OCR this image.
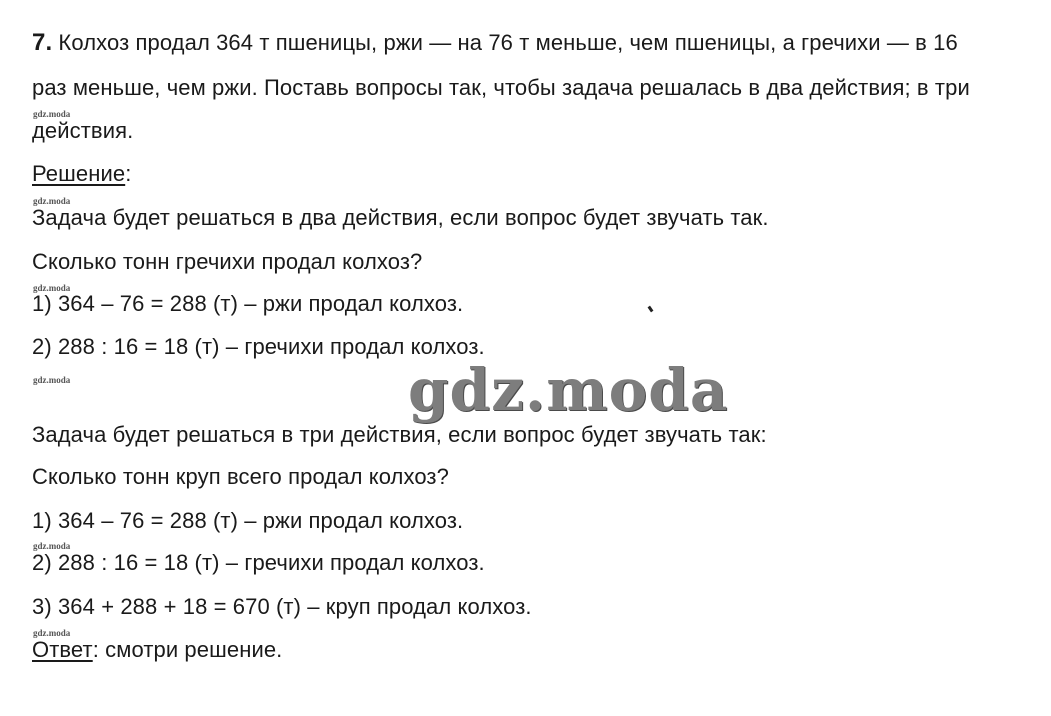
7. Колхоз продал 364 т пшеницы, ржи — на 76 т меньше, чем пшеницы, а гречихи — в 16
раз меньше, чем ржи. Поставь вопросы так, чтобы задача решалась в два действия; в три
gdz.moda
действия.
Решение:
gdz.moda
Задача будет решаться в два действия, если вопрос будет звучать так.
Сколько тонн гречихи продал колхоз?
gdz.moda
1) 364 – 76 = 288 (т) – ржи продал колхоз.
2) 288 : 16 = 18 (т) – гречихи продал колхоз.
gdz.moda	gdz.moda
Задача будет решаться в три действия, если вопрос будет звучать так:
Сколько тонн круп всего продал колхоз?
1) 364 – 76 = 288 (т) – ржи продал колхоз.
gdz.moda
2) 288 : 16 = 18 (т) – гречихи продал колхоз.
3) 364 + 288 + 18 = 670 (т) – круп продал колхоз.
gdz.moda
Ответ: смотри решение.
